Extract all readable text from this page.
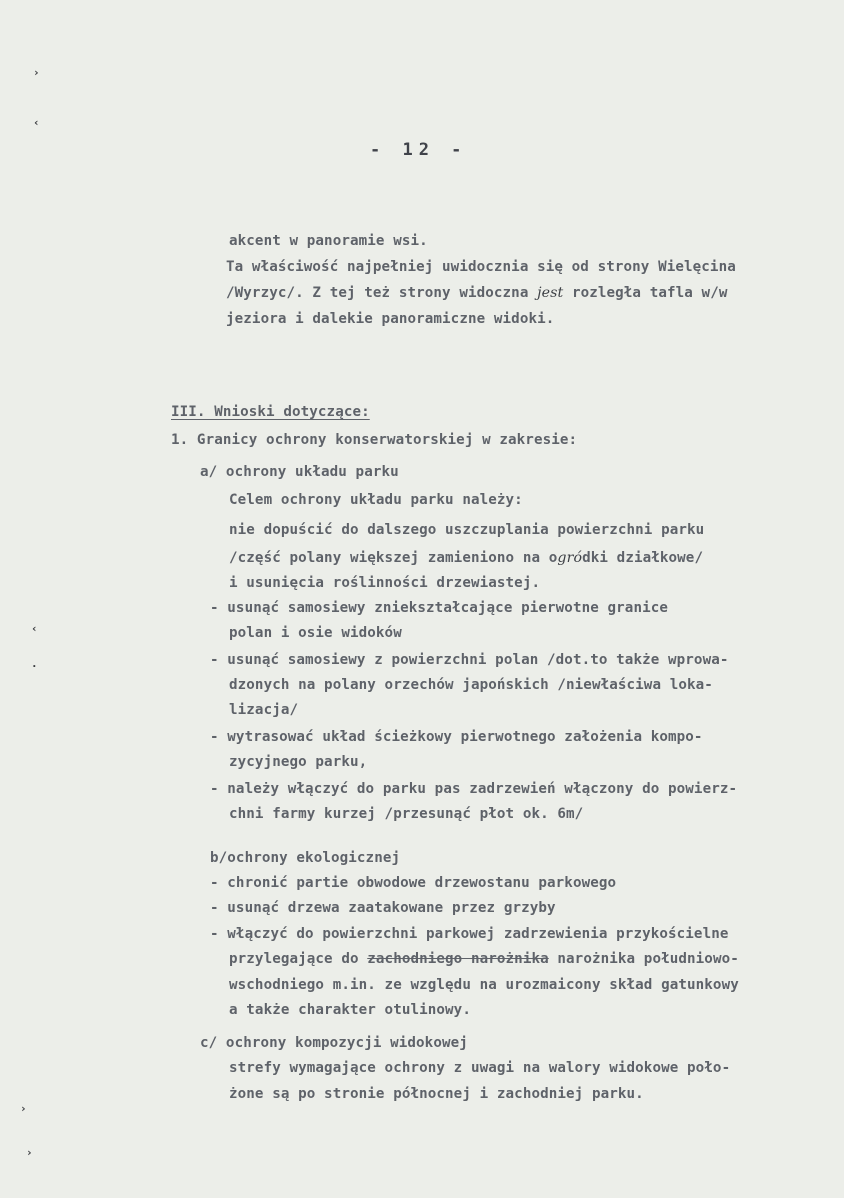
›
‹
‹
·
›
›
- 12 -
akcent w panoramie wsi.
Ta właściwość najpełniej uwidocznia się od strony Wielęcina
/Wyrzyc/. Z tej też strony widoczna jest rozległa tafla w/w
jeziora i dalekie panoramiczne widoki.
III. Wnioski dotyczące:
1. Granicy ochrony konserwatorskiej w zakresie:
a/ ochrony układu parku
Celem ochrony układu parku należy:
nie dopuścić do dalszego uszczuplania powierzchni parku
/część polany większej zamieniono na ogródki działkowe/
i usunięcia roślinności drzewiastej.
- usunąć samosiewy zniekształcające pierwotne granice
polan i osie widoków
- usunąć samosiewy z powierzchni polan /dot.to także wprowa-
dzonych na polany orzechów japońskich /niewłaściwa loka-
lizacja/
- wytrasować układ ścieżkowy pierwotnego założenia kompo-
zycyjnego parku,
- należy włączyć do parku pas zadrzewień włączony do powierz-
chni farmy kurzej /przesunąć płot ok. 6m/
b/ochrony ekologicznej
- chronić partie obwodowe drzewostanu parkowego
- usunąć drzewa zaatakowane przez grzyby
- włączyć do powierzchni parkowej zadrzewienia przykościelne
przylegające do zachodniego narożnika narożnika południowo-
wschodniego m.in. ze względu na urozmaicony skład gatunkowy
a także charakter otulinowy.
c/ ochrony kompozycji widokowej
strefy wymagające ochrony z uwagi na walory widokowe poło-
żone są po stronie północnej i zachodniej parku.
